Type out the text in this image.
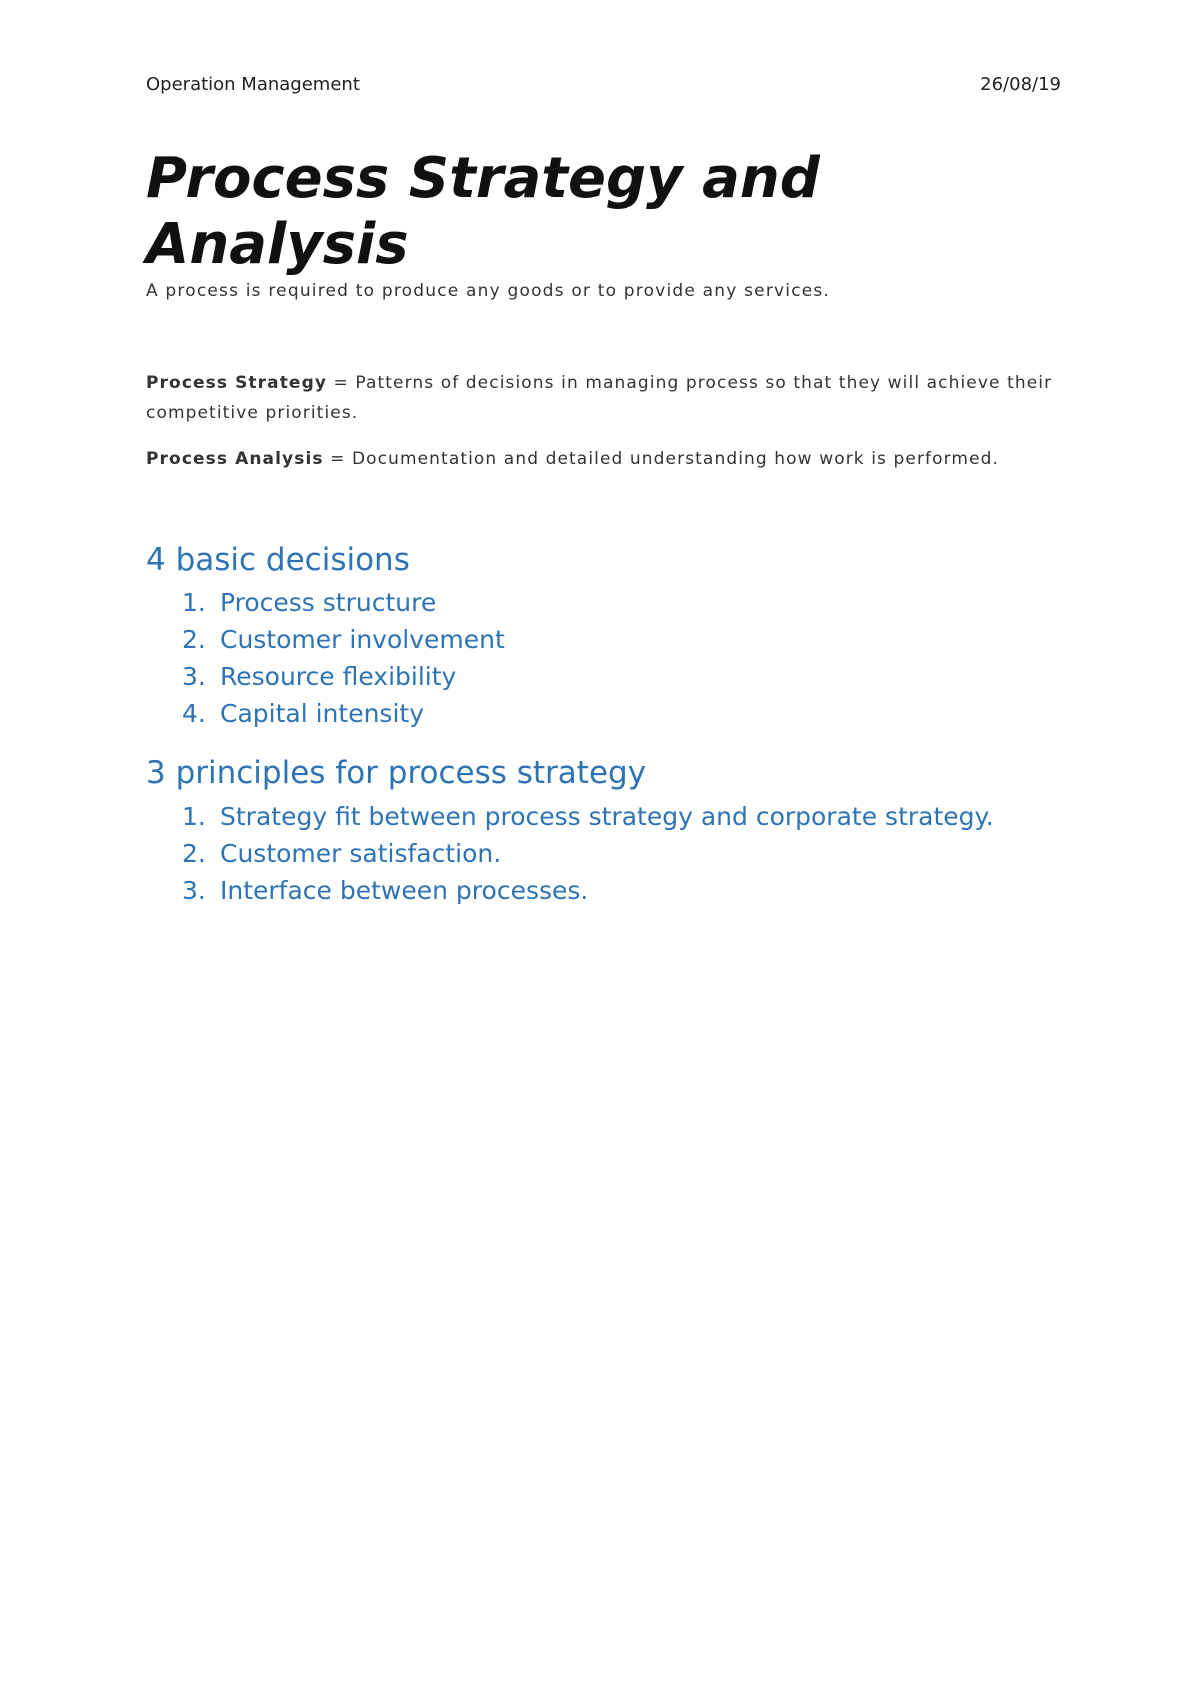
Operation Management	26/08/19
Process Strategy and Analysis

A process is required to produce any goods or to provide any services.

Process Strategy = Patterns of decisions in managing process so that they will achieve their competitive priorities.

Process Analysis = Documentation and detailed understanding how work is performed.

4 basic decisions
1. Process structure
2. Customer involvement
3. Resource flexibility
4. Capital intensity
3 principles for process strategy
1. Strategy fit between process strategy and corporate strategy.
2. Customer satisfaction.
3. Interface between processes.
